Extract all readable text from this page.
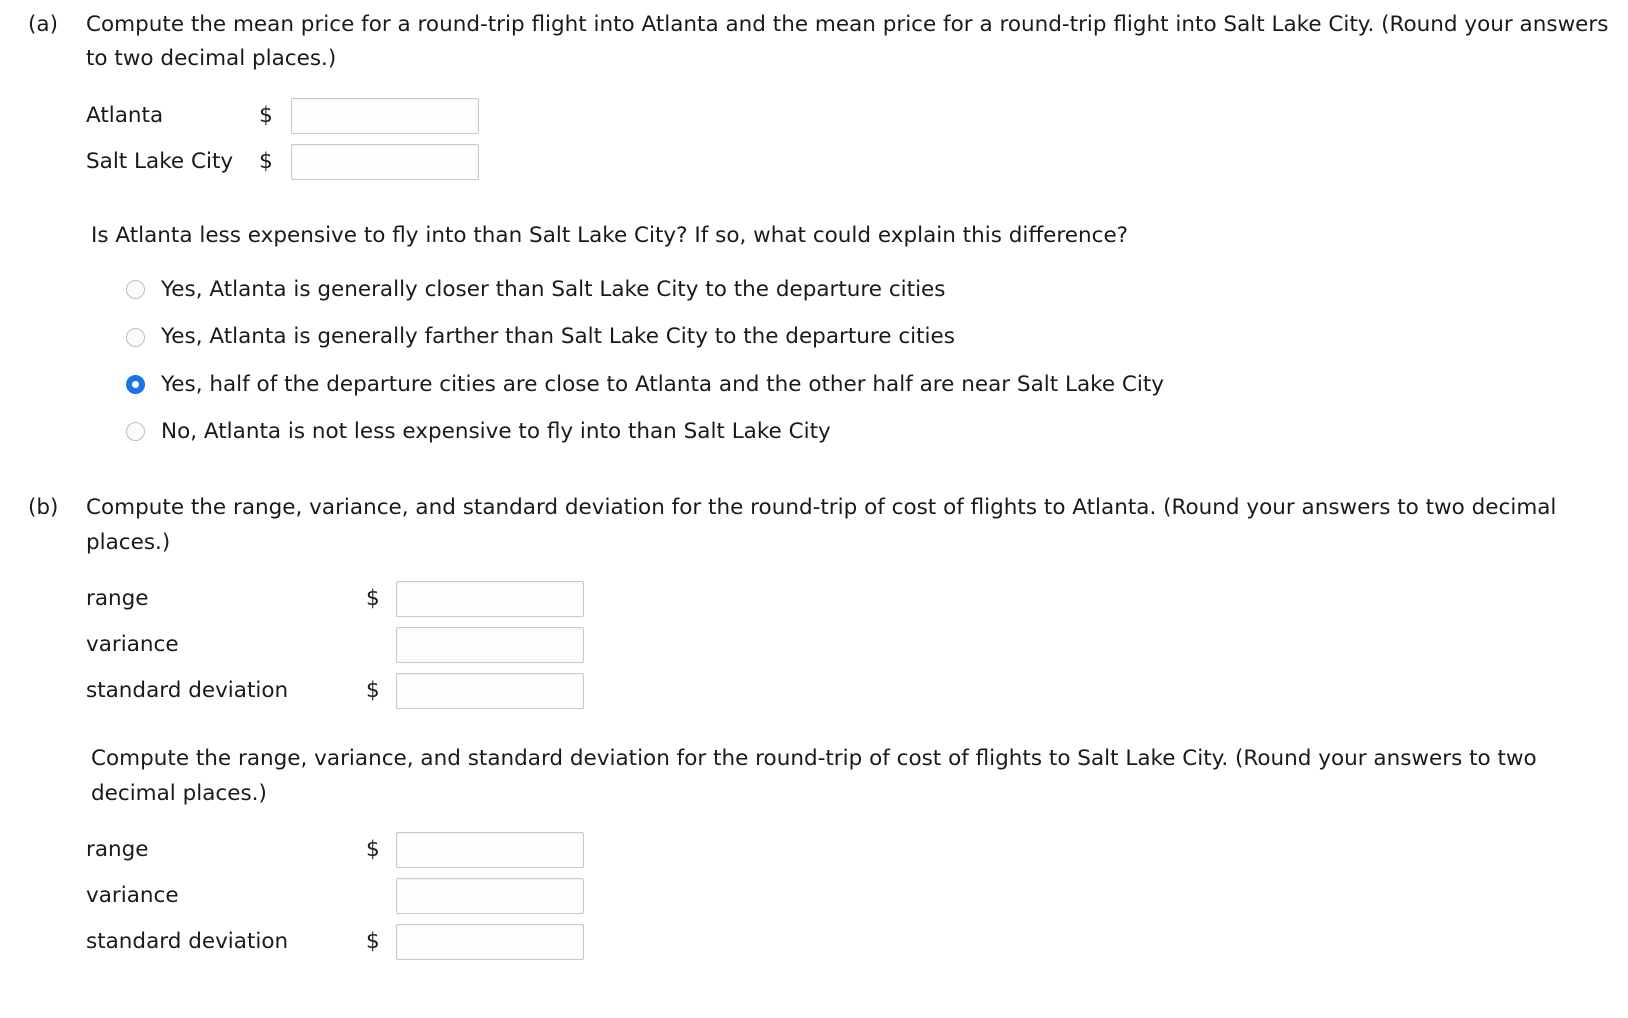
(a)	Compute the mean price for a round-trip flight into Atlanta and the mean price for a round-trip flight into Salt Lake City. (Round your answers to two decimal places.)

Atlanta	$	
Salt Lake City	$	
Is Atlanta less expensive to fly into than Salt Lake City? If so, what could explain this difference?
Yes, Atlanta is generally closer than Salt Lake City to the departure cities
Yes, Atlanta is generally farther than Salt Lake City to the departure cities
Yes, half of the departure cities are close to Atlanta and the other half are near Salt Lake City
No, Atlanta is not less expensive to fly into than Salt Lake City
(b)	Compute the range, variance, and standard deviation for the round-trip of cost of flights to Atlanta. (Round your answers to two decimal places.)

range	$	
variance		
standard deviation	$	

Compute the range, variance, and standard deviation for the round-trip of cost of flights to Salt Lake City. (Round your answers to two decimal places.)

range	$	
variance		
standard deviation	$	
